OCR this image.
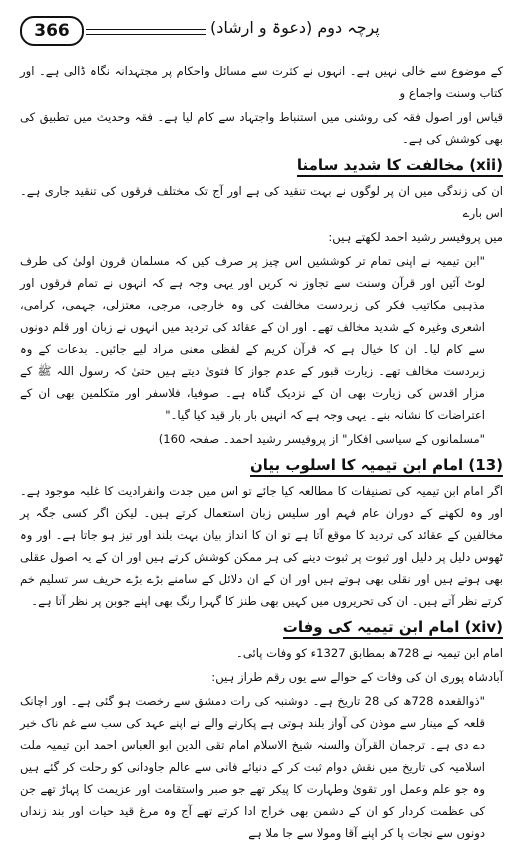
366	پرچہ دوم (دعوۃ و ارشاد)

کے موضوع سے خالی نہیں ہے۔ انہوں نے کثرت سے مسائل واحکام پر مجتہدانہ نگاہ ڈالی ہے۔ اور کتاب وسنت واجماع و

قیاس اور اصول فقہ کی روشنی میں استنباط واجتہاد سے کام لیا ہے۔ فقہ وحدیث میں تطبیق کی بھی کوشش کی ہے۔

(xii) مخالفت کا شدید سامنا

ان کی زندگی میں ان پر لوگوں نے بہت تنقید کی ہے اور آج تک مختلف فرقوں کی تنقید جاری ہے۔ اس بارے

میں پروفیسر رشید احمد لکھتے ہیں:

"ابن تیمیہ نے اپنی تمام تر کوششیں اس چیز پر صرف کیں کہ مسلمان قرون اولیٰ کی طرف لوٹ آئیں اور قرآن وسنت سے تجاوز نہ کریں اور یہی وجہ ہے کہ انہوں نے تمام فرقوں اور مذہبی مکاتیب فکر کی زبردست مخالفت کی وہ خارجی، مرجی، معتزلی، جہمی، کرامی، اشعری وغیرہ کے شدید مخالف تھے۔ اور ان کے عقائد کی تردید میں انہوں نے زبان اور قلم دونوں سے کام لیا۔ ان کا خیال ہے کہ قرآن کریم کے لفظی معنی مراد لیے جائیں۔ بدعات کے وہ زبردست مخالف تھے۔ زیارت قبور کے عدم جواز کا فتویٰ دیتے ہیں حتیٰ کہ رسول اللہ ﷺ کے مزار اقدس کی زیارت بھی ان کے نزدیک گناہ ہے۔ صوفیا، فلاسفر اور متکلمین بھی ان کے اعتراضات کا نشانہ بنے۔ یہی وجہ ہے کہ انہیں بار بار قید کیا گیا۔"

"مسلمانوں کے سیاسی افکار" از پروفیسر رشید احمد۔ صفحہ 160)

(13) امام ابن تیمیہ کا اسلوب بیان

اگر امام ابن تیمیہ کی تصنیفات کا مطالعہ کیا جائے تو اس میں جدت وانفرادیت کا غلبہ موجود ہے۔ اور وہ لکھنے کے دوران عام فہم اور سلیس زبان استعمال کرتے ہیں۔ لیکن اگر کسی جگہ پر مخالفین کے عقائد کی تردید کا موقع آتا ہے تو ان کا انداز بیان بہت بلند اور تیز ہو جاتا ہے۔ اور وہ ٹھوس دلیل پر دلیل اور ثبوت پر ثبوت دینے کی ہر ممکن کوشش کرتے ہیں اور ان کے یہ اصول عقلی بھی ہوتے ہیں اور نقلی بھی ہوتے ہیں اور ان کے ان دلائل کے سامنے بڑے بڑے حریف سر تسلیم خم کرتے نظر آتے ہیں۔ ان کی تحریروں میں کہیں بھی طنز کا گہرا رنگ بھی اپنے جوبن پر نظر آتا ہے۔

(xiv) امام ابن تیمیہ کی وفات

امام ابن تیمیہ نے 728ھ بمطابق 1327ء کو وفات پائی۔

آبادشاہ پوری ان کی وفات کے حوالے سے یوں رقم طراز ہیں:

"ذوالقعدہ 728ھ کی 28 تاریخ ہے۔ دوشنبہ کی رات دمشق سے رخصت ہو گئی ہے۔ اور اچانک قلعہ کے مینار سے موذن کی آواز بلند ہوتی ہے پکارنے والے نے اپنے عہد کی سب سے غم ناک خبر دے دی ہے۔ ترجمان القرآن والسنہ شیخ الاسلام امام تقی الدین ابو العباس احمد ابن تیمیہ ملت اسلامیہ کی تاریخ میں نقش دوام ثبت کر کے دنیائے فانی سے عالم جاودانی کو رحلت کر گئے ہیں وہ جو علم وعمل اور تقویٰ وطہارت کا پیکر تھے جو صبر واستقامت اور عزیمت کا پہاڑ تھے جن کی عظمت کردار کو ان کے دشمن بھی خراج ادا کرتے تھے آج وہ مرغ قید حیات اور بند زنداں دونوں سے نجات پا کر اپنے آقا ومولا سے جا ملا ہے
